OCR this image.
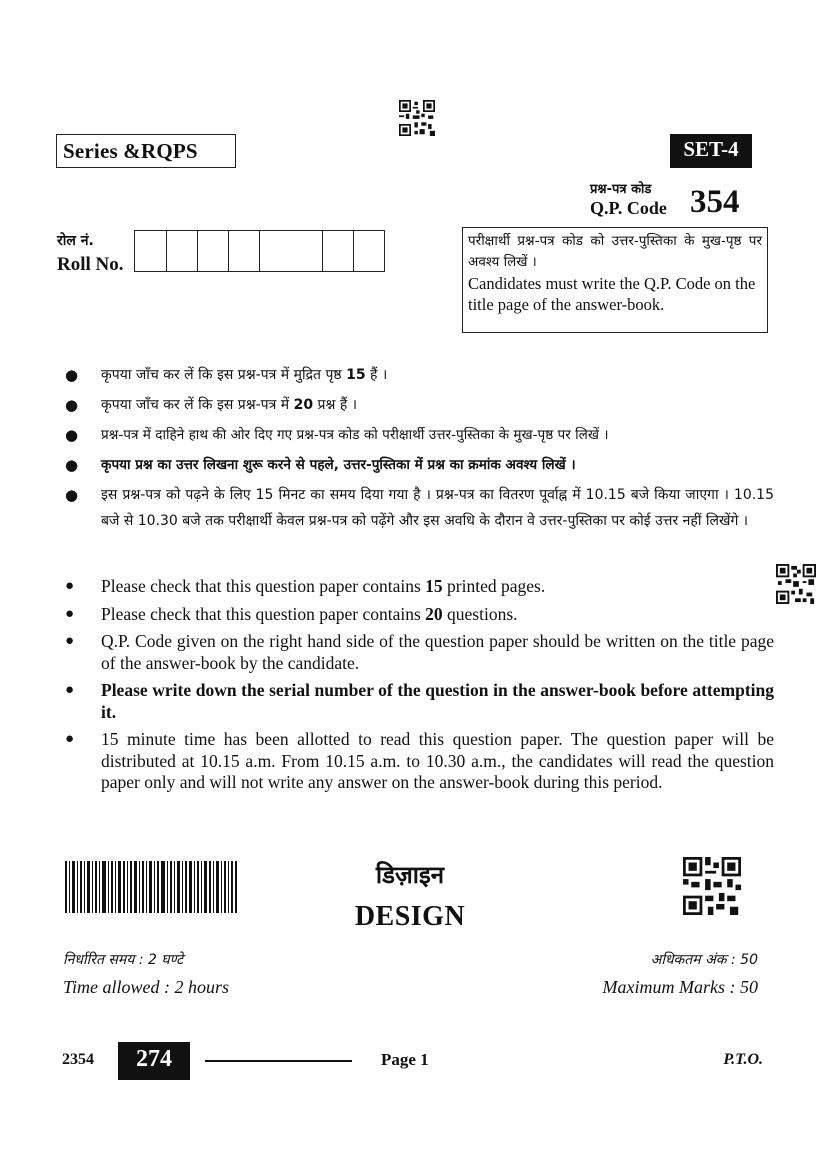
Series &RQPS	SET-4
प्रश्न-पत्र कोड
Q.P. Code 354
रोल नं.
Roll No.
परीक्षार्थी प्रश्न-पत्र कोड को उत्तर-पुस्तिका के मुख-पृष्ठ पर अवश्य लिखें ।
Candidates must write the Q.P. Code on the title page of the answer-book.
● कृपया जाँच कर लें कि इस प्रश्न-पत्र में मुद्रित पृष्ठ 15 हैं ।
● कृपया जाँच कर लें कि इस प्रश्न-पत्र में 20 प्रश्न हैं ।
● प्रश्न-पत्र में दाहिने हाथ की ओर दिए गए प्रश्न-पत्र कोड को परीक्षार्थी उत्तर-पुस्तिका के मुख-पृष्ठ पर लिखें ।
● कृपया प्रश्न का उत्तर लिखना शुरू करने से पहले, उत्तर-पुस्तिका में प्रश्न का क्रमांक अवश्य लिखें ।
● इस प्रश्न-पत्र को पढ़ने के लिए 15 मिनट का समय दिया गया है । प्रश्न-पत्र का वितरण पूर्वाह्न में 10.15 बजे किया जाएगा । 10.15 बजे से 10.30 बजे तक परीक्षार्थी केवल प्रश्न-पत्र को पढ़ेंगे और इस अवधि के दौरान वे उत्तर-पुस्तिका पर कोई उत्तर नहीं लिखेंगे ।
● Please check that this question paper contains 15 printed pages.
● Please check that this question paper contains 20 questions.
● Q.P. Code given on the right hand side of the question paper should be written on the title page of the answer-book by the candidate.
● Please write down the serial number of the question in the answer-book before attempting it.
● 15 minute time has been allotted to read this question paper. The question paper will be distributed at 10.15 a.m. From 10.15 a.m. to 10.30 a.m., the candidates will read the question paper only and will not write any answer on the answer-book during this period.
डिज़ाइन
DESIGN
निर्धारित समय : 2 घण्टे
Time allowed : 2 hours
अधिकतम अंक : 50
Maximum Marks : 50
2354	274	Page 1	P.T.O.
